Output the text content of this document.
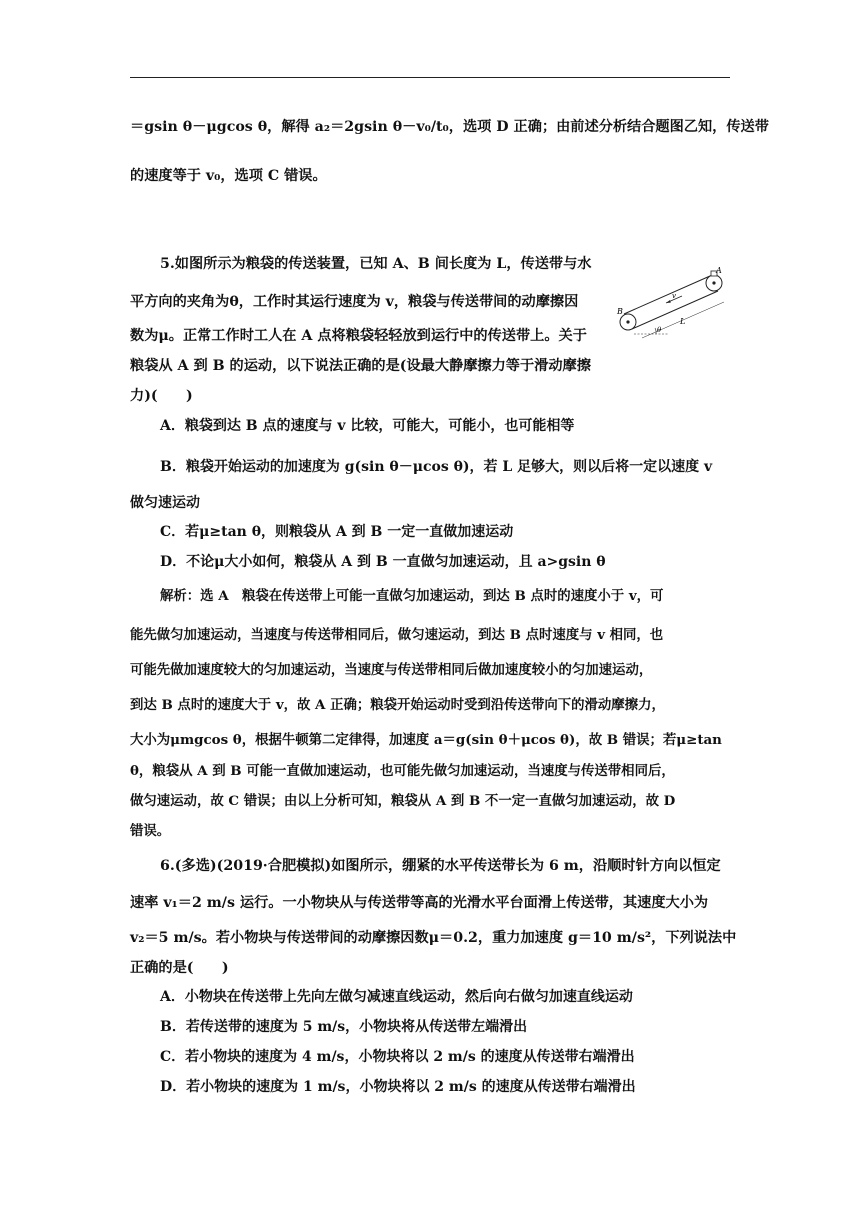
＝gsin θ－μgcos θ，解得 a₂＝2gsin θ－v₀/t₀，选项 D 正确；由前述分析结合题图乙知，传送带
的速度等于 v₀，选项 C 错误。
5.如图所示为粮袋的传送装置，已知 A、B 间长度为 L，传送带与水
平方向的夹角为θ，工作时其运行速度为 v，粮袋与传送带间的动摩擦因
数为μ。正常工作时工人在 A 点将粮袋轻轻放到运行中的传送带上。关于
粮袋从 A 到 B 的运动，以下说法正确的是(设最大静摩擦力等于滑动摩擦
力)(　　)
A．粮袋到达 B 点的速度与 v 比较，可能大，可能小，也可能相等
B．粮袋开始运动的加速度为 g(sin θ－μcos θ)，若 L 足够大，则以后将一定以速度 v
做匀速运动
C．若μ≥tan θ，则粮袋从 A 到 B 一定一直做加速运动
D．不论μ大小如何，粮袋从 A 到 B 一直做匀加速运动，且 a>gsin θ
解析：选 A　粮袋在传送带上可能一直做匀加速运动，到达 B 点时的速度小于 v，可
能先做匀加速运动，当速度与传送带相同后，做匀速运动，到达 B 点时速度与 v 相同，也
可能先做加速度较大的匀加速运动，当速度与传送带相同后做加速度较小的匀加速运动，
到达 B 点时的速度大于 v，故 A 正确；粮袋开始运动时受到沿传送带向下的滑动摩擦力，
大小为μmgcos θ，根据牛顿第二定律得，加速度 a＝g(sin θ＋μcos θ)，故 B 错误；若μ≥tan
θ，粮袋从 A 到 B 可能一直做加速运动，也可能先做匀加速运动，当速度与传送带相同后，
做匀速运动，故 C 错误；由以上分析可知，粮袋从 A 到 B 不一定一直做匀加速运动，故 D
错误。
6.(多选)(2019·合肥模拟)如图所示，绷紧的水平传送带长为 6 m，沿顺时针方向以恒定
速率 v₁＝2 m/s 运行。一小物块从与传送带等高的光滑水平台面滑上传送带，其速度大小为
v₂＝5 m/s。若小物块与传送带间的动摩擦因数μ＝0.2，重力加速度 g＝10 m/s²，下列说法中
正确的是(　　)
A．小物块在传送带上先向左做匀减速直线运动，然后向右做匀加速直线运动
B．若传送带的速度为 5 m/s，小物块将从传送带左端滑出
C．若小物块的速度为 4 m/s，小物块将以 2 m/s 的速度从传送带右端滑出
D．若小物块的速度为 1 m/s，小物块将以 2 m/s 的速度从传送带右端滑出
A
B
v
θ
L
